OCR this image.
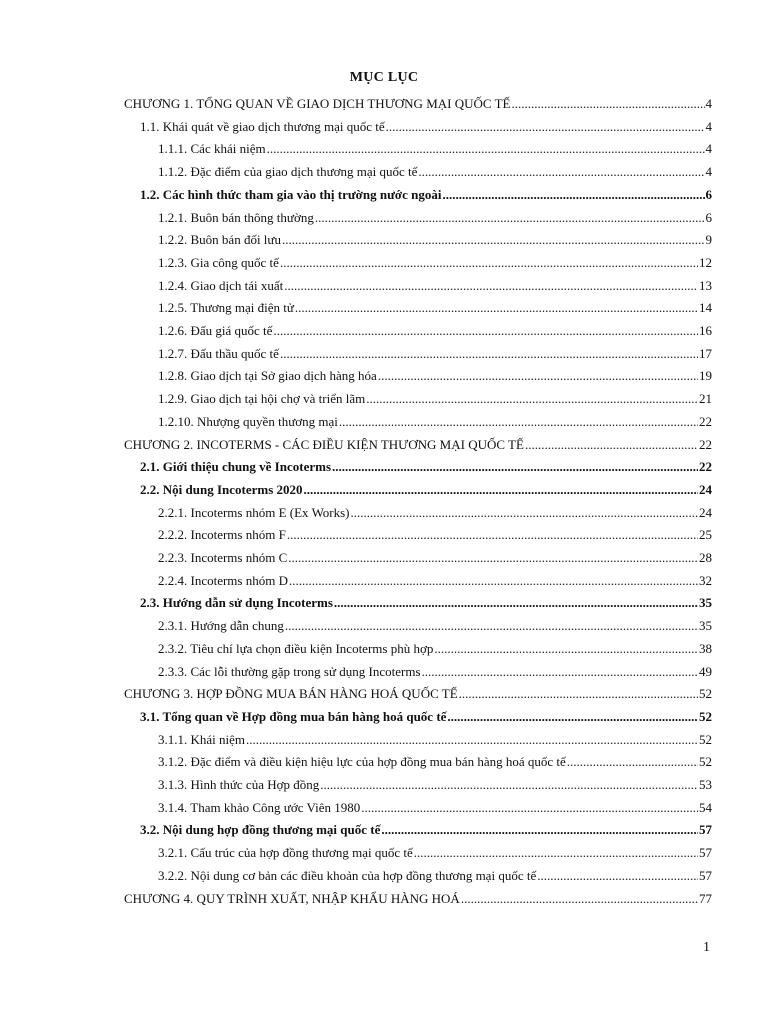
MỤC LỤC
CHƯƠNG 1. TỔNG QUAN VỀ GIAO DỊCH THƯƠNG MẠI QUỐC TẾ .....	4
1.1. Khái quát về giao dịch thương mại quốc tế .....	4
1.1.1. Các khái niệm .....	4
1.1.2. Đặc điểm của giao dịch thương mại quốc tế .....	4
1.2. Các hình thức tham gia vào thị trường nước ngoài .....	6
1.2.1. Buôn bán thông thường .....	6
1.2.2. Buôn bán đối lưu .....	9
1.2.3. Gia công quốc tế .....	12
1.2.4. Giao dịch tái xuất .....	13
1.2.5. Thương mại điện tử .....	14
1.2.6. Đấu giá quốc tế .....	16
1.2.7. Đấu thầu quốc tế .....	17
1.2.8. Giao dịch tại Sở giao dịch hàng hóa .....	19
1.2.9. Giao dịch tại hội chợ và triển lãm .....	21
1.2.10. Nhượng quyền thương mại .....	22
CHƯƠNG 2. INCOTERMS - CÁC ĐIỀU KIỆN THƯƠNG MẠI QUỐC TẾ .....	22
2.1. Giới thiệu chung về Incoterms .....	22
2.2. Nội dung Incoterms 2020 .....	24
2.2.1. Incoterms nhóm E (Ex Works) .....	24
2.2.2. Incoterms nhóm F .....	25
2.2.3. Incoterms nhóm C .....	28
2.2.4. Incoterms nhóm D .....	32
2.3. Hướng dẫn sử dụng Incoterms .....	35
2.3.1. Hướng dẫn chung .....	35
2.3.2. Tiêu chí lựa chọn điều kiện Incoterms phù hợp .....	38
2.3.3. Các lỗi thường gặp trong sử dụng Incoterms .....	49
CHƯƠNG 3. HỢP ĐỒNG MUA BÁN HÀNG HOÁ QUỐC TẾ .....	52
3.1. Tổng quan về Hợp đồng mua bán hàng hoá quốc tế .....	52
3.1.1. Khái niệm .....	52
3.1.2. Đặc điểm và điều kiện hiệu lực của hợp đồng mua bán hàng hoá quốc tế .....	52
3.1.3. Hình thức của Hợp đồng .....	53
3.1.4. Tham khảo Công ước Viên 1980 .....	54
3.2. Nội dung hợp đồng thương mại quốc tế .....	57
3.2.1. Cấu trúc của hợp đồng thương mại quốc tế .....	57
3.2.2. Nội dung cơ bản các điều khoản của hợp đồng thương mại quốc tế .....	57
CHƯƠNG 4. QUY TRÌNH XUẤT, NHẬP KHẨU HÀNG HOÁ .....	77
1
